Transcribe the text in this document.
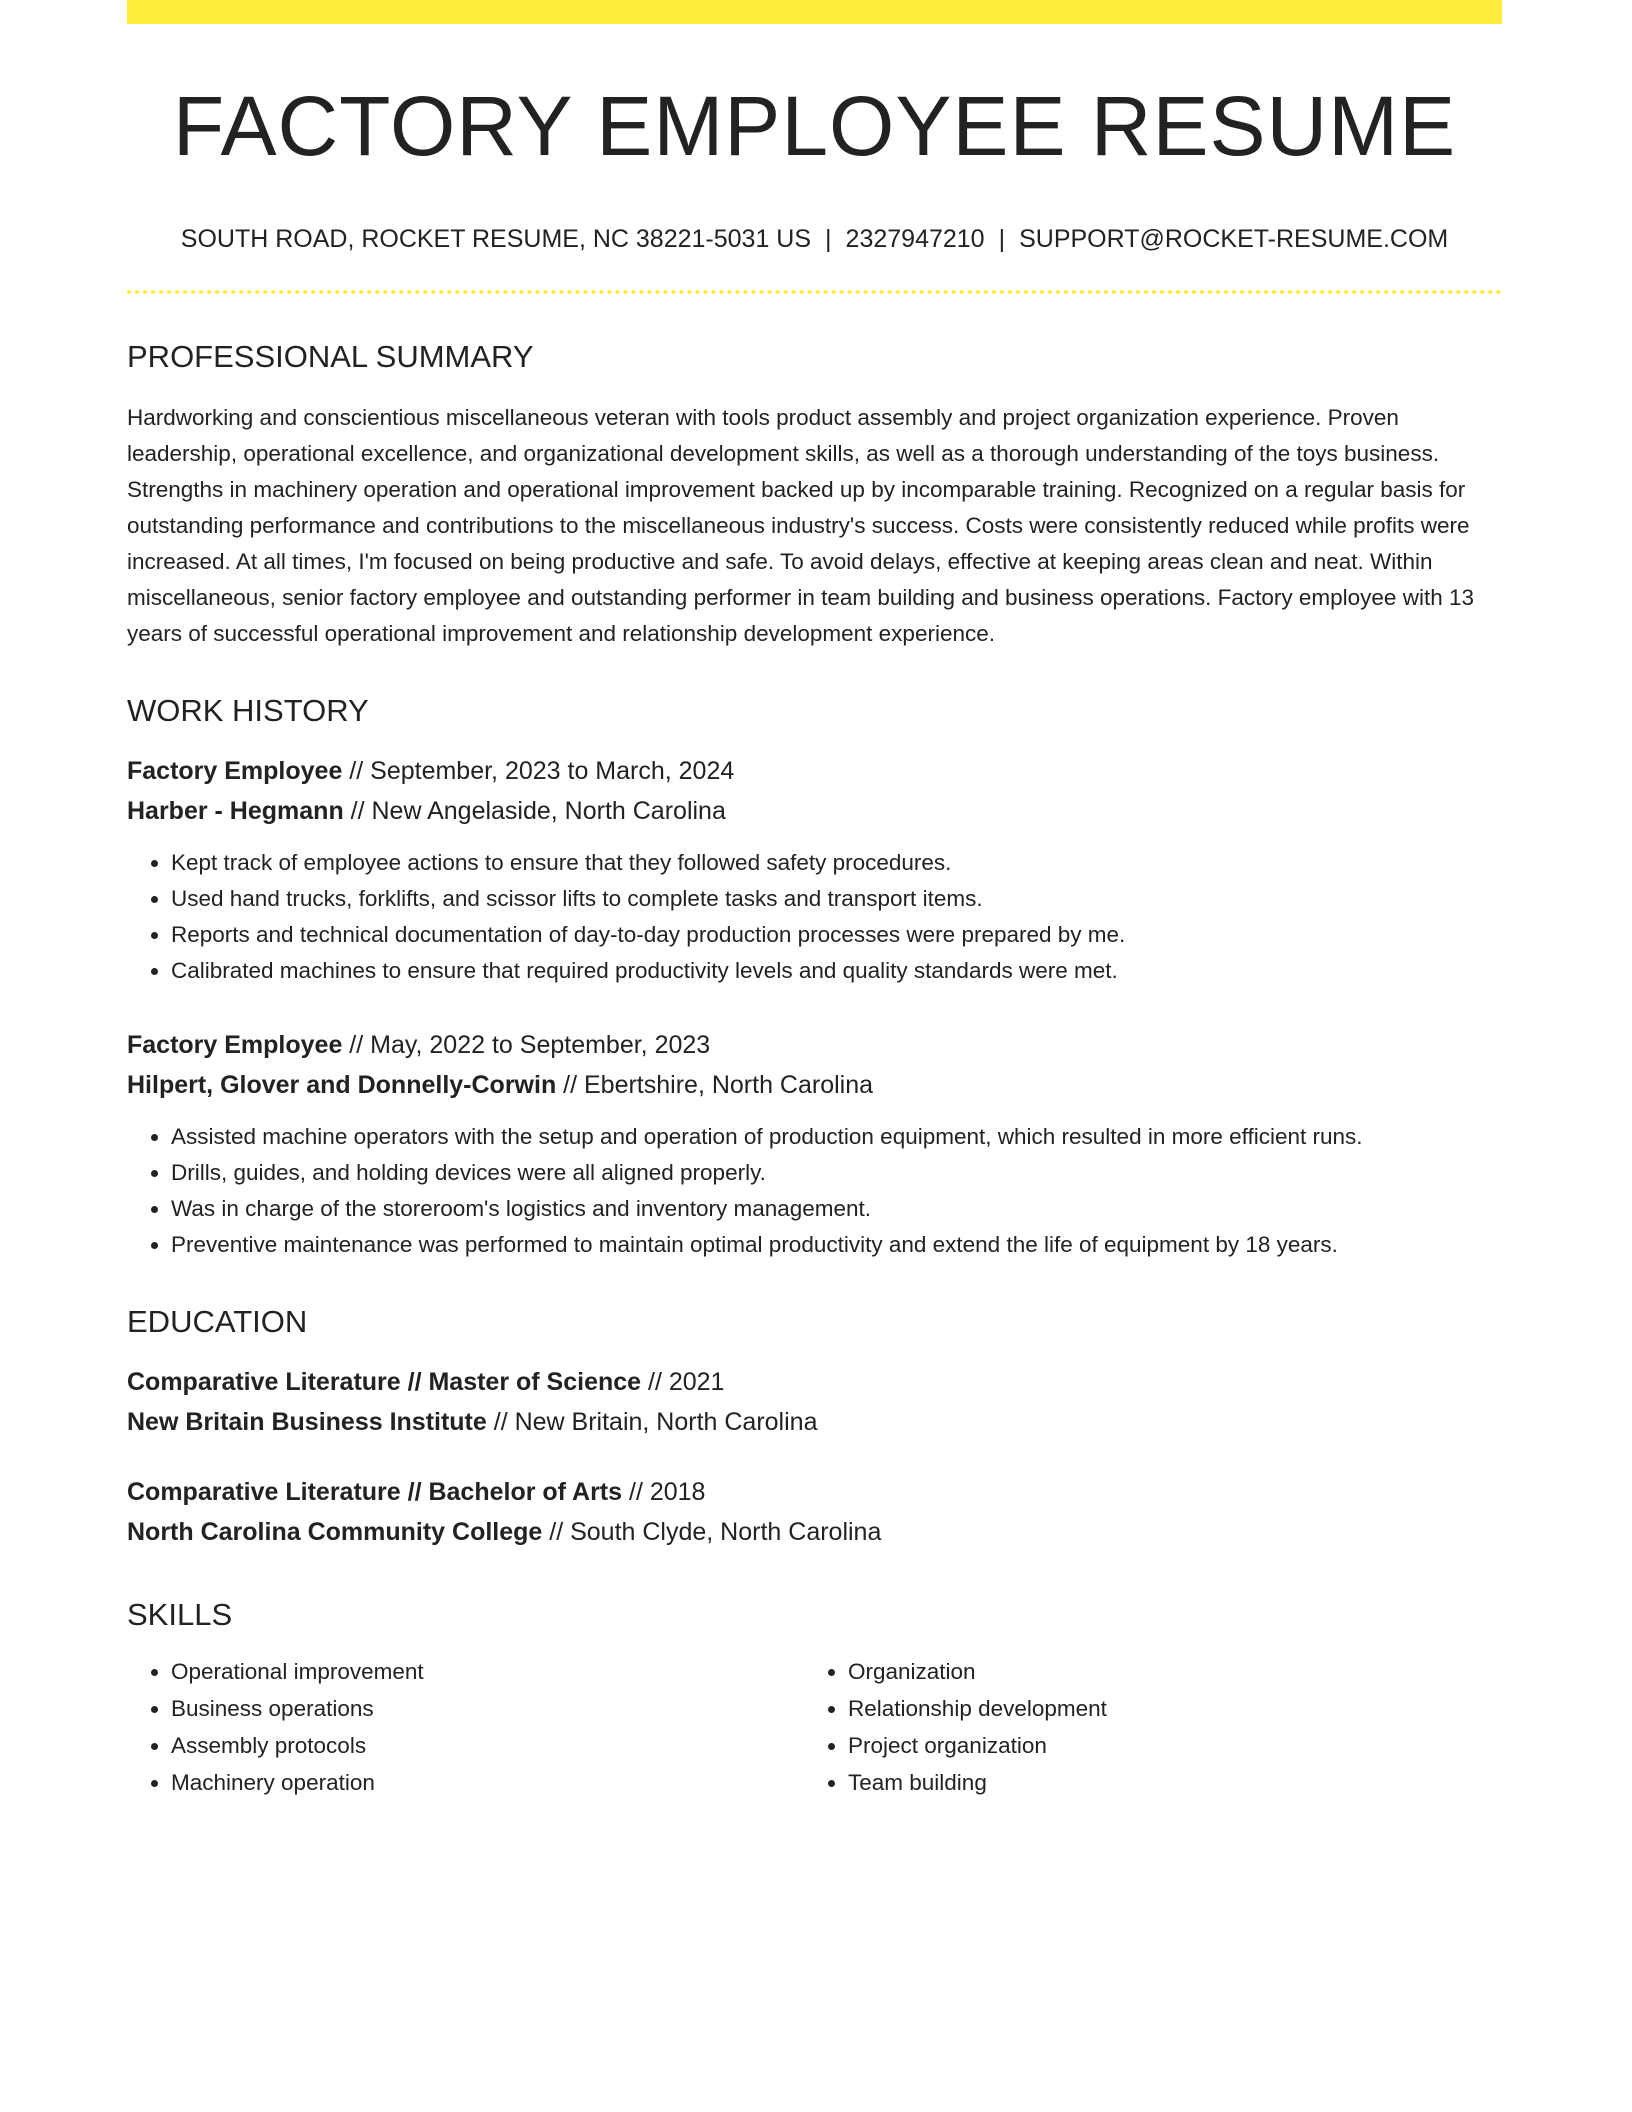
FACTORY EMPLOYEE RESUME
SOUTH ROAD, ROCKET RESUME, NC 38221-5031 US | 2327947210 | SUPPORT@ROCKET-RESUME.COM
PROFESSIONAL SUMMARY
Hardworking and conscientious miscellaneous veteran with tools product assembly and project organization experience. Proven leadership, operational excellence, and organizational development skills, as well as a thorough understanding of the toys business. Strengths in machinery operation and operational improvement backed up by incomparable training. Recognized on a regular basis for outstanding performance and contributions to the miscellaneous industry's success. Costs were consistently reduced while profits were increased. At all times, I'm focused on being productive and safe. To avoid delays, effective at keeping areas clean and neat. Within miscellaneous, senior factory employee and outstanding performer in team building and business operations. Factory employee with 13 years of successful operational improvement and relationship development experience.
WORK HISTORY
Factory Employee // September, 2023 to March, 2024
Harber - Hegmann // New Angelaside, North Carolina
• Kept track of employee actions to ensure that they followed safety procedures.
• Used hand trucks, forklifts, and scissor lifts to complete tasks and transport items.
• Reports and technical documentation of day-to-day production processes were prepared by me.
• Calibrated machines to ensure that required productivity levels and quality standards were met.
Factory Employee // May, 2022 to September, 2023
Hilpert, Glover and Donnelly-Corwin // Ebertshire, North Carolina
• Assisted machine operators with the setup and operation of production equipment, which resulted in more efficient runs.
• Drills, guides, and holding devices were all aligned properly.
• Was in charge of the storeroom's logistics and inventory management.
• Preventive maintenance was performed to maintain optimal productivity and extend the life of equipment by 18 years.
EDUCATION
Comparative Literature // Master of Science // 2021
New Britain Business Institute // New Britain, North Carolina
Comparative Literature // Bachelor of Arts // 2018
North Carolina Community College // South Clyde, North Carolina
SKILLS
• Operational improvement
• Business operations
• Assembly protocols
• Machinery operation
• Organization
• Relationship development
• Project organization
• Team building
